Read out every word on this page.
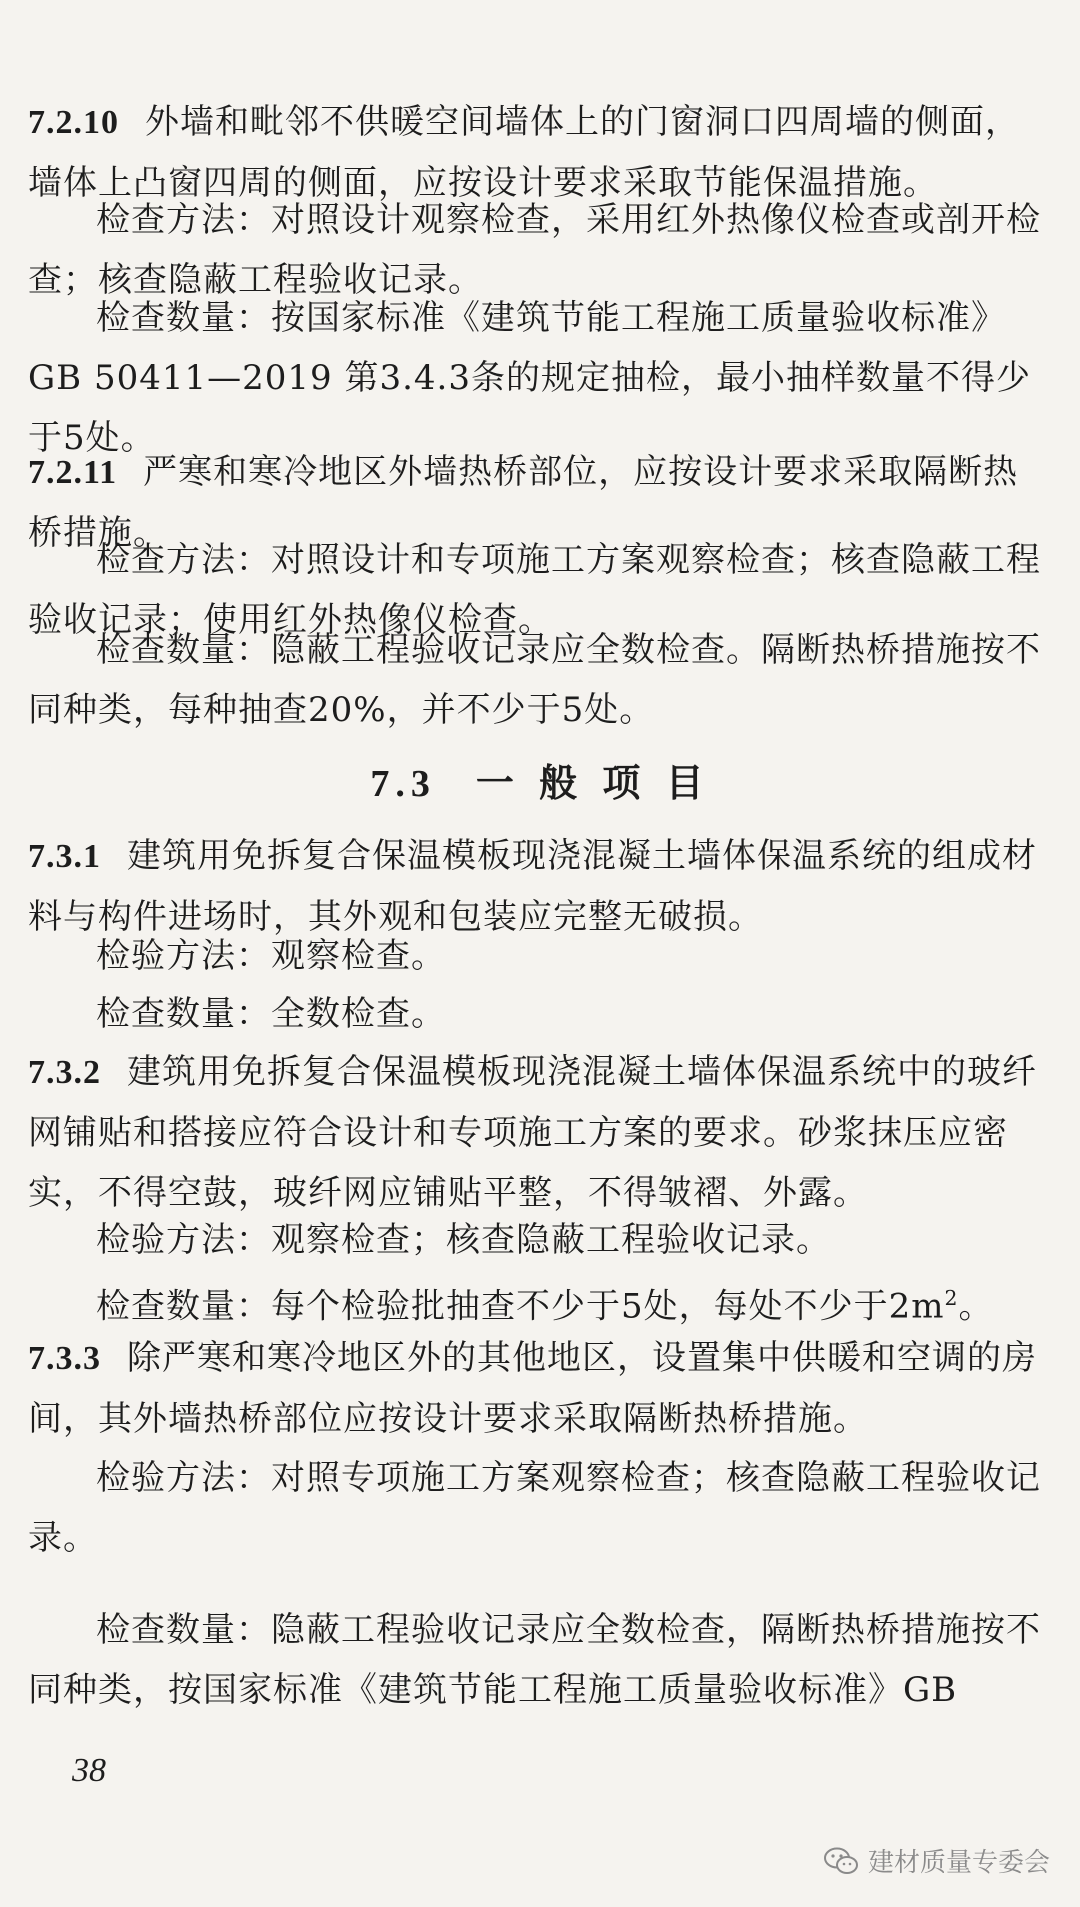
7.2.10 外墙和毗邻不供暖空间墙体上的门窗洞口四周墙的侧面，墙体上凸窗四周的侧面，应按设计要求采取节能保温措施。
检查方法：对照设计观察检查，采用红外热像仪检查或剖开检查；核查隐蔽工程验收记录。
检查数量：按国家标准《建筑节能工程施工质量验收标准》GB 50411—2019 第3.4.3条的规定抽检，最小抽样数量不得少于5处。
7.2.11 严寒和寒冷地区外墙热桥部位，应按设计要求采取隔断热桥措施。
检查方法：对照设计和专项施工方案观察检查；核查隐蔽工程验收记录；使用红外热像仪检查。
检查数量：隐蔽工程验收记录应全数检查。隔断热桥措施按不同种类，每种抽查20%，并不少于5处。
7.3 一 般 项 目
7.3.1 建筑用免拆复合保温模板现浇混凝土墙体保温系统的组成材料与构件进场时，其外观和包装应完整无破损。
检验方法：观察检查。
检查数量：全数检查。
7.3.2 建筑用免拆复合保温模板现浇混凝土墙体保温系统中的玻纤网铺贴和搭接应符合设计和专项施工方案的要求。砂浆抹压应密实，不得空鼓，玻纤网应铺贴平整，不得皱褶、外露。
检验方法：观察检查；核查隐蔽工程验收记录。
检查数量：每个检验批抽查不少于5处，每处不少于$2m^2$。
7.3.3 除严寒和寒冷地区外的其他地区，设置集中供暖和空调的房间，其外墙热桥部位应按设计要求采取隔断热桥措施。
检验方法：对照专项施工方案观察检查；核查隐蔽工程验收记录。
检查数量：隐蔽工程验收记录应全数检查，隔断热桥措施按不同种类，按国家标准《建筑节能工程施工质量验收标准》GB
38
建材质量专委会
